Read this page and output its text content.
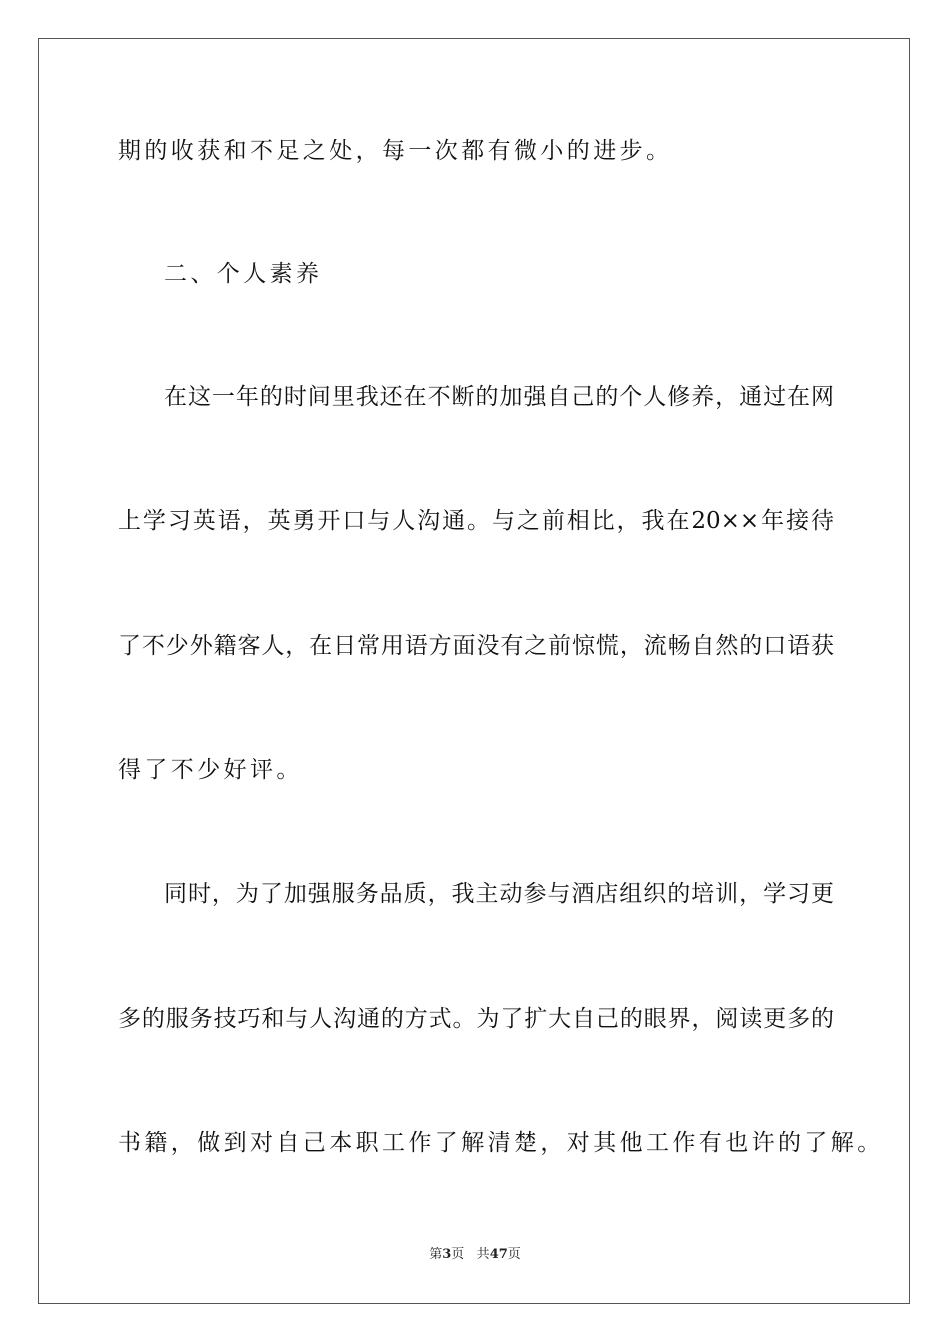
期的收获和不足之处，每一次都有微小的进步。
二、个人素养
在这一年的时间里我还在不断的加强自己的个人修养，通过在网
上学习英语，英勇开口与人沟通。与之前相比，我在20××年接待
了不少外籍客人，在日常用语方面没有之前惊慌，流畅自然的口语获
得了不少好评。
同时，为了加强服务品质，我主动参与酒店组织的培训，学习更
多的服务技巧和与人沟通的方式。为了扩大自己的眼界，阅读更多的
书籍，做到对自己本职工作了解清楚，对其他工作有也许的了解。
第3页 共47页
